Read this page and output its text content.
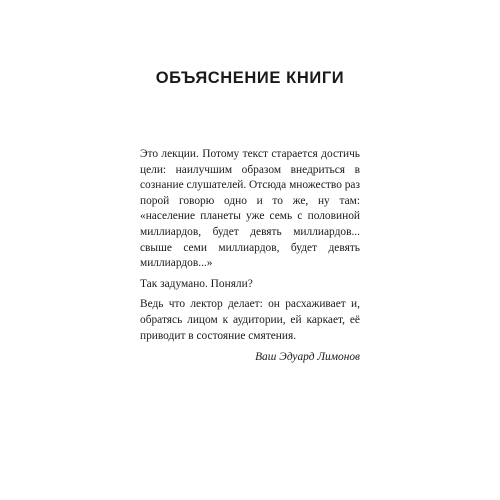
ОБЪЯСНЕНИЕ КНИГИ

Это лекции. Потому текст старается достичь цели: наилучшим образом внедриться в сознание слушателей. Отсюда множество раз порой говорю одно и то же, ну там: «население планеты уже семь с половиной миллиардов, будет девять миллиардов... свыше семи миллиардов, будет девять миллиардов...»

Так задумано. Поняли?

Ведь что лектор делает: он расхаживает и, обратясь лицом к аудитории, ей каркает, её приводит в состояние смятения.

Ваш Эдуард Лимонов
